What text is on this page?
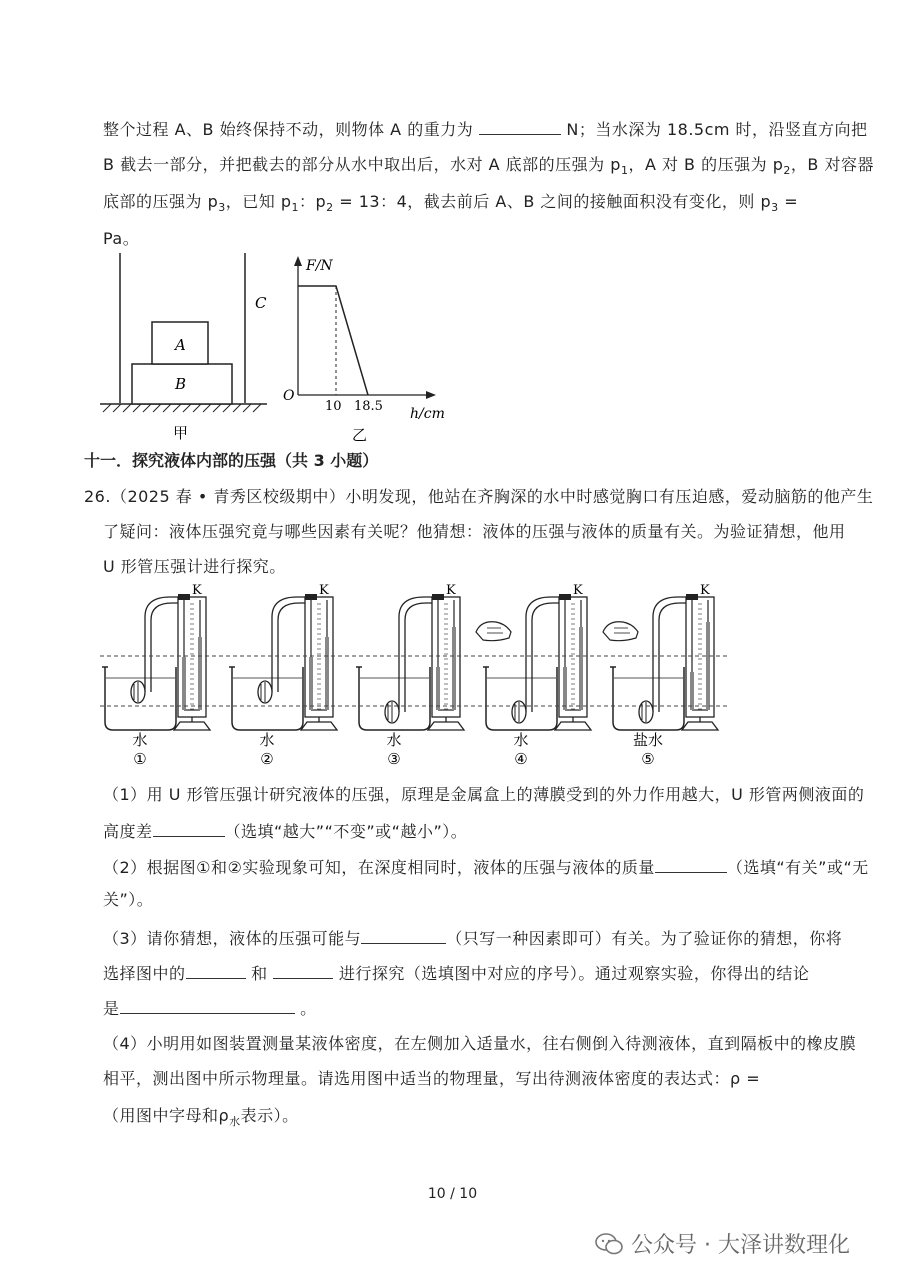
整个过程 A、B 始终保持不动，则物体 A 的重力为	N；当水深为 18.5cm 时，沿竖直方向把
B 截去一部分，并把截去的部分从水中取出后，水对 A 底部的压强为 $p_1$，A 对 B 的压强为 $p_2$，B 对容器
底部的压强为 $p_3$，已知 $p_1$：$p_2 = 13$：4，截去前后 A、B 之间的接触面积没有变化，则 $p_3$ =
Pa。
A
B
C
甲
F/N
O
10 18.5 h/cm
乙
十一．探究液体内部的压强（共 3 小题）
26.（2025 春 • 青秀区校级期中）小明发现，他站在齐胸深的水中时感觉胸口有压迫感，爱动脑筋的他产生
了疑问：液体压强究竟与哪些因素有关呢？他猜想：液体的压强与液体的质量有关。为验证猜想，他用
U 形管压强计进行探究。
K
水
①
K
水
②
K
水
③
K
水
④
K
盐水
⑤
（1）用 U 形管压强计研究液体的压强，原理是金属盒上的薄膜受到的外力作用越大，U 形管两侧液面的
高度差	（选填“越大”“不变”或“越小”）。
（2）根据图①和②实验现象可知，在深度相同时，液体的压强与液体的质量	（选填“有关”或“无
关”）。
（3）请你猜想，液体的压强可能与	（只写一种因素即可）有关。为了验证你的猜想，你将
选择图中的	和	进行探究（选填图中对应的序号）。通过观察实验，你得出的结论
是	。
（4）小明用如图装置测量某液体密度，在左侧加入适量水，往右侧倒入待测液体，直到隔板中的橡皮膜
相平，测出图中所示物理量。请选用图中适当的物理量，写出待测液体密度的表达式：ρ =
（用图中字母和$\rho_水$表示）。
10 / 10
公众号 · 大泽讲数理化
